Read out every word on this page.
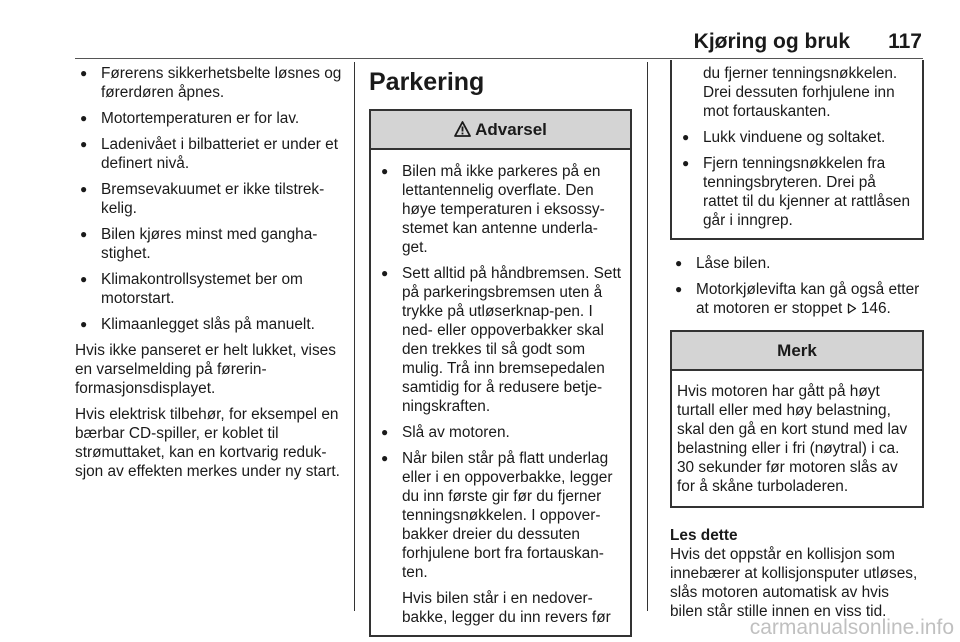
Kjøring og bruk 117
● Førerens sikkerhetsbelte løsnes og førerdøren åpnes.
● Motortemperaturen er for lav.
● Ladenivået i bilbatteriet er under et definert nivå.
● Bremsevakuumet er ikke tilstrek-kelig.
● Bilen kjøres minst med gangha-stighet.
● Klimakontrollsystemet ber om motorstart.
● Klimaanlegget slås på manuelt.

Hvis ikke panseret er helt lukket, vises en varselmelding på førerin-formasjonsdisplayet.

Hvis elektrisk tilbehør, for eksempel en bærbar CD-spiller, er koblet til strømuttaket, kan en kortvarig reduk-sjon av effekten merkes under ny start.

Parkering
Advarsel
● Bilen må ikke parkeres på en lettantennelig overflate. Den høye temperaturen i eksossy-stemet kan antenne underla-get.
● Sett alltid på håndbremsen. Sett på parkeringsbremsen uten å trykke på utløserknap-pen. I ned- eller oppoverbakker skal den trekkes til så godt som mulig. Trå inn bremsepedalen samtidig for å redusere betje-ningskraften.
● Slå av motoren.
● Når bilen står på flatt underlag eller i en oppoverbakke, legger du inn første gir før du fjerner tenningsnøkkelen. I oppover-bakker dreier du dessuten forhjulene bort fra fortauskan-ten.

Hvis bilen står i en nedover-bakke, legger du inn revers før

du fjerner tenningsnøkkelen. Drei dessuten forhjulene inn mot fortauskanten.

● Lukk vinduene og soltaket.
● Fjern tenningsnøkkelen fra tenningsbryteren. Drei på rattet til du kjenner at rattlåsen går i inngrep.
● Låse bilen.
● Motorkjølevifta kan gå også etter at motoren er stoppet 146.
Merk

Hvis motoren har gått på høyt turtall eller med høy belastning, skal den gå en kort stund med lav belastning eller i fri (nøytral) i ca. 30 sekunder før motoren slås av for å skåne turboladeren.

Les dette

Hvis det oppstår en kollisjon som innebærer at kollisjonsputer utløses, slås motoren automatisk av hvis bilen står stille innen en viss tid.

carmanualsonline.info
